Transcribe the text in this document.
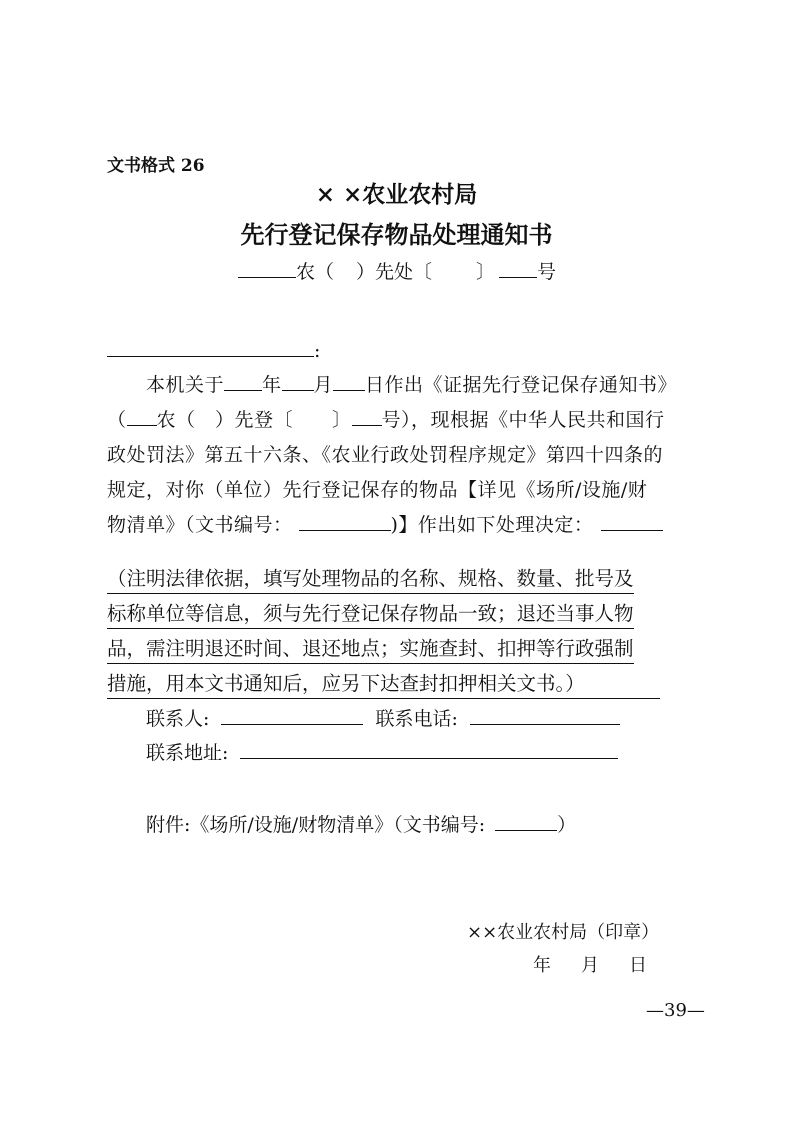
文书格式 26
× ×农业农村局
先行登记保存物品处理通知书
农（ ）先处〔 〕 号
:
本机关于 年 月 日作出《证据先行登记保存通知书》
（ 农（　）先登〔　　〕 号），现根据《中华人民共和国行
政处罚法》第五十六条、《农业行政处罚程序规定》第四十四条的
规定，对你（单位）先行登记保存的物品【详见《场所/设施/财
物清单》（文书编号：	)】作出如下处理决定：
（注明法律依据，填写处理物品的名称、规格、数量、批号及
标称单位等信息，须与先行登记保存物品一致；退还当事人物
品，需注明退还时间、退还地点；实施查封、扣押等行政强制
措施，用本文书通知后，应另下达查封扣押相关文书。）
联系人:	联系电话:
联系地址:
附件:《场所/设施/财物清单》（文书编号:	）
××农业农村局（印章）
年　月　日
—39—
